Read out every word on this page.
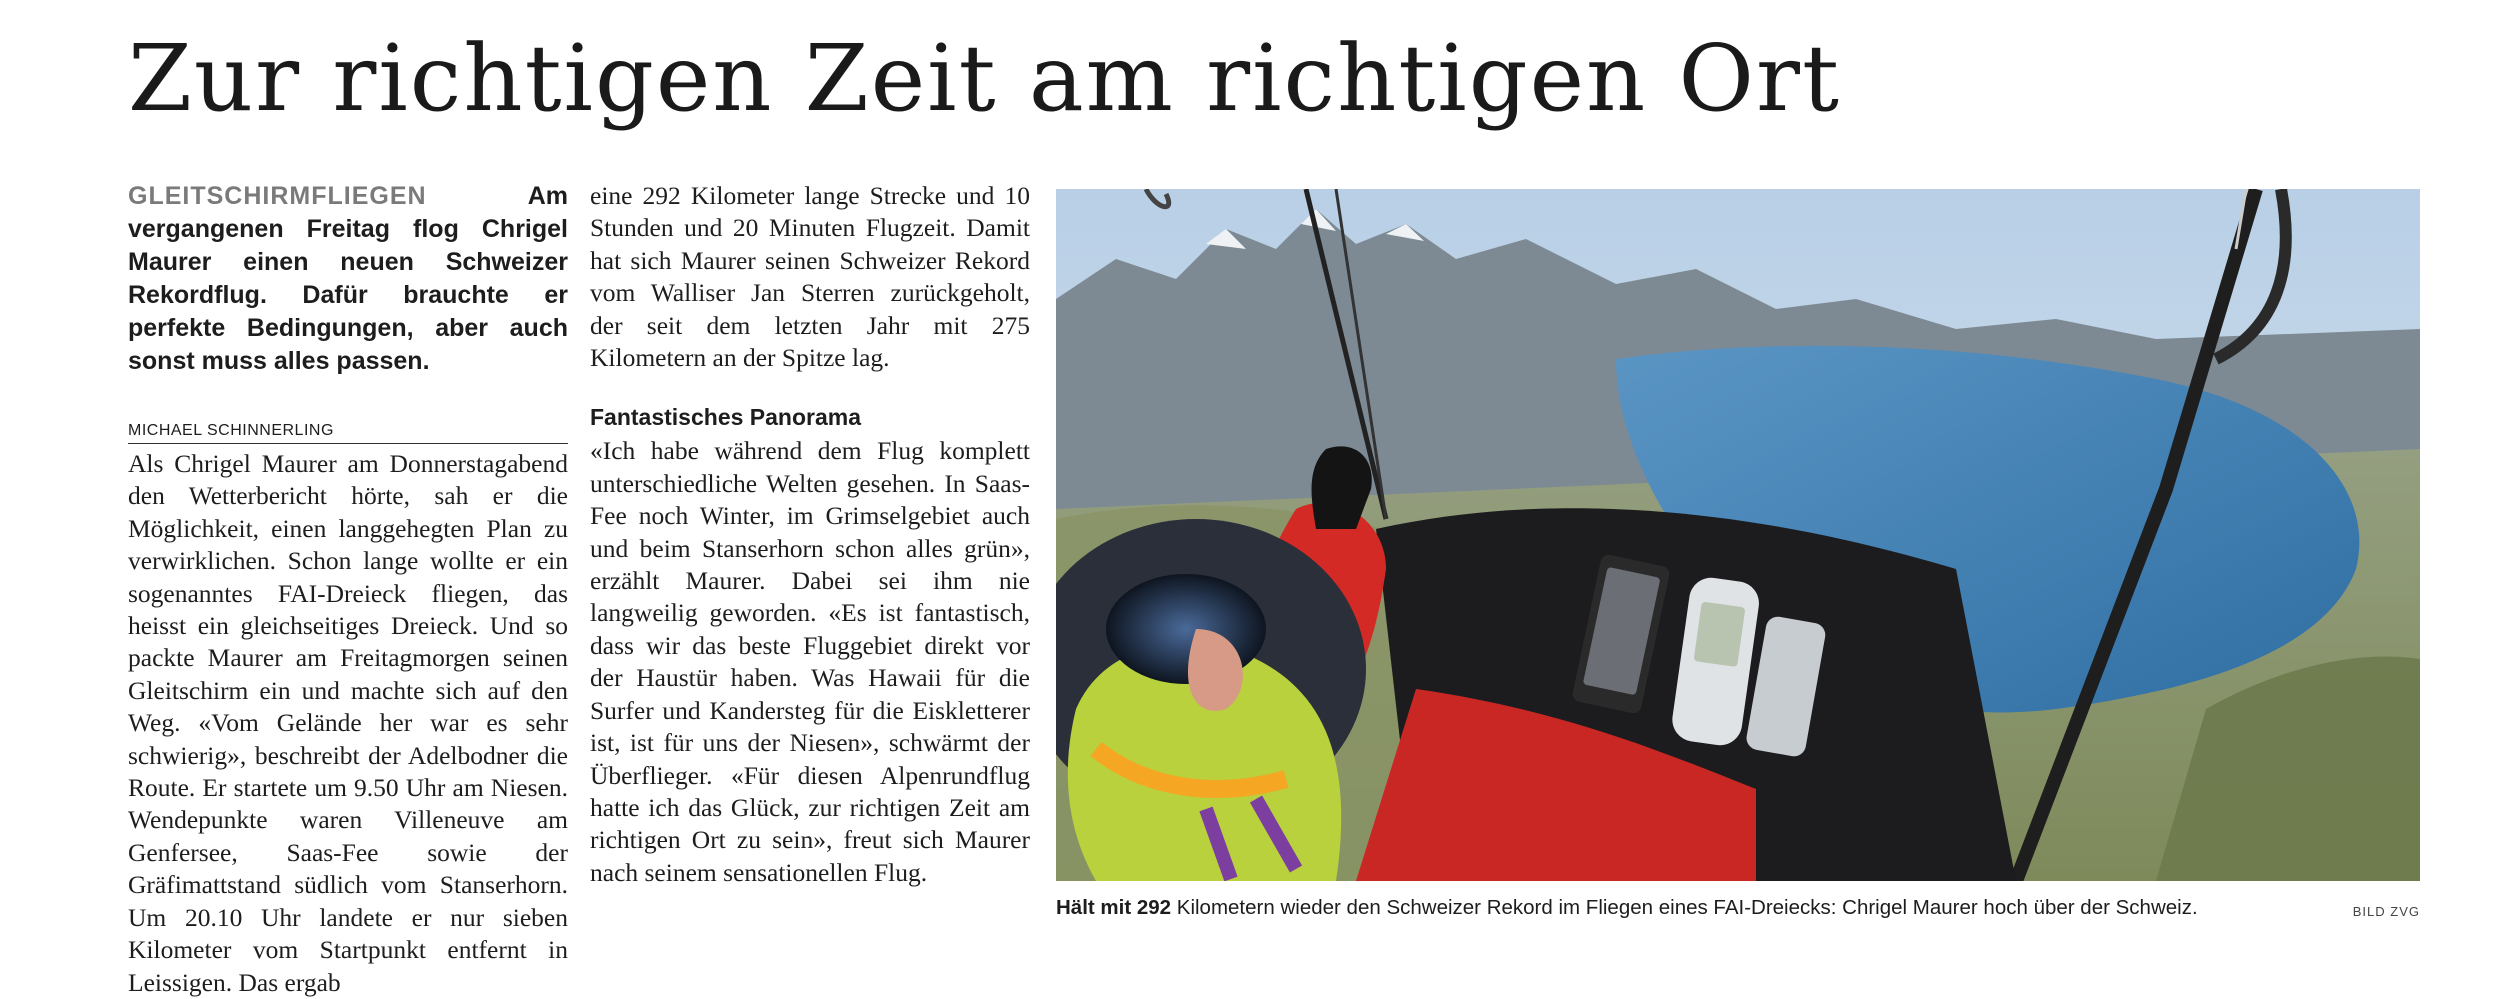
Zur richtigen Zeit am richtigen Ort

GLEITSCHIRMFLIEGEN	Am vergangenen Freitag flog Chrigel Maurer einen neuen Schweizer Rekordflug. Dafür brauchte er perfekte Bedingungen, aber auch sonst muss alles passen.

MICHAEL SCHINNERLING

Als Chrigel Maurer am Donnerstagabend den Wetterbericht hörte, sah er die Möglichkeit, einen langgehegten Plan zu verwirklichen. Schon lange wollte er ein sogenanntes FAI-Dreieck fliegen, das heisst ein gleichseitiges Dreieck. Und so packte Maurer am Freitagmorgen seinen Gleitschirm ein und machte sich auf den Weg. «Vom Gelände her war es sehr schwierig», beschreibt der Adelbodner die Route. Er startete um 9.50 Uhr am Niesen. Wendepunkte waren Villeneuve am Genfersee, Saas-Fee sowie der Gräfimattstand südlich vom Stanserhorn. Um 20.10 Uhr landete er nur sieben Kilometer vom Startpunkt entfernt in Leissigen. Das ergab

eine 292 Kilometer lange Strecke und 10 Stunden und 20 Minuten Flugzeit. Damit hat sich Maurer seinen Schweizer Rekord vom Walliser Jan Sterren zurückgeholt, der seit dem letzten Jahr mit 275 Kilometern an der Spitze lag.

Fantastisches Panorama

«Ich habe während dem Flug komplett unterschiedliche Welten gesehen. In Saas-Fee noch Winter, im Grimselgebiet auch und beim Stanserhorn schon alles grün», erzählt Maurer. Dabei sei ihm nie langweilig geworden. «Es ist fantastisch, dass wir das beste Fluggebiet direkt vor der Haustür haben. Was Hawaii für die Surfer und Kandersteg für die Eiskletterer ist, ist für uns der Niesen», schwärmt der Überflieger. «Für diesen Alpenrundflug hatte ich das Glück, zur richtigen Zeit am richtigen Ort zu sein», freut sich Maurer nach seinem sensationellen Flug.

Hält mit 292 Kilometern wieder den Schweizer Rekord im Fliegen eines FAI-Dreiecks: Chrigel Maurer hoch über der Schweiz.	BILD ZVG
